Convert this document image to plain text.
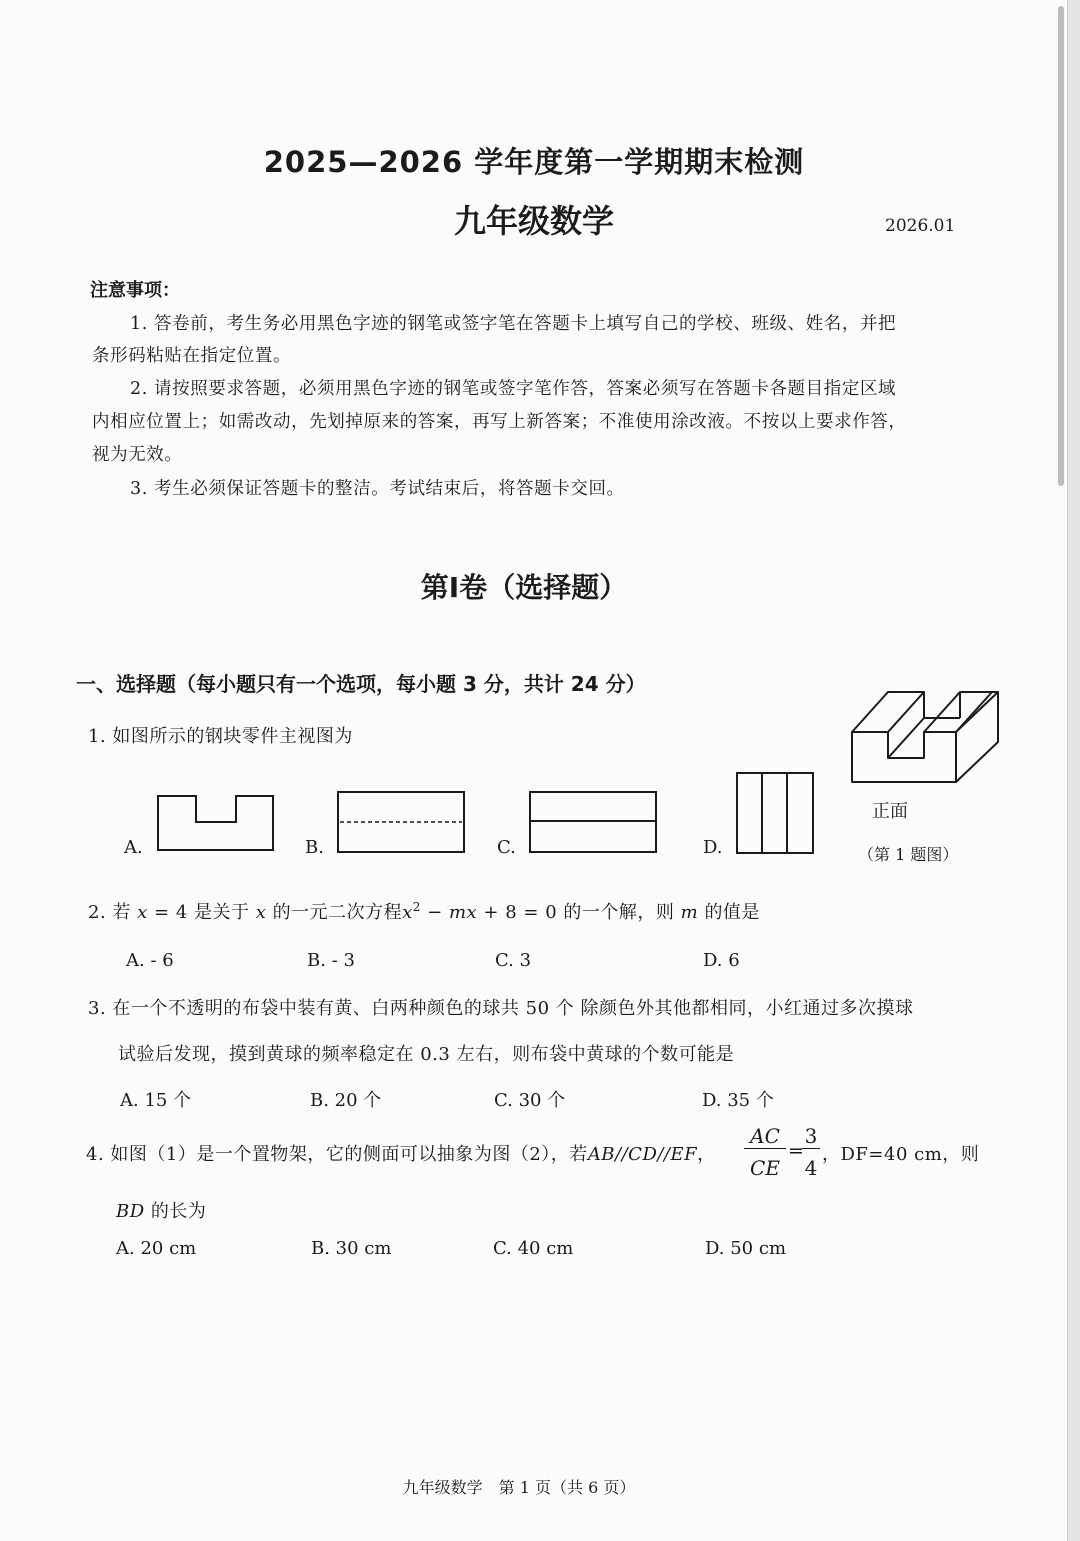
2025—2026 学年度第一学期期末检测
九年级数学	2026.01
注意事项：
1. 答卷前，考生务必用黑色字迹的钢笔或签字笔在答题卡上填写自己的学校、班级、姓名，并把
条形码粘贴在指定位置。
2. 请按照要求答题，必须用黑色字迹的钢笔或签字笔作答，答案必须写在答题卡各题目指定区域
内相应位置上；如需改动，先划掉原来的答案，再写上新答案；不准使用涂改液。不按以上要求作答，
视为无效。
3. 考生必须保证答题卡的整洁。考试结束后，将答题卡交回。
第Ⅰ卷（选择题）
一、选择题（每小题只有一个选项，每小题 3 分，共计 24 分）
1. 如图所示的钢块零件主视图为
A.	B.	C.	D.
正面
（第 1 题图）
2. 若 x = 4 是关于 x 的一元二次方程$x^2$ − mx + 8 = 0 的一个解，则 m 的值是
A. - 6	B. - 3	C. 3	D. 6
3. 在一个不透明的布袋中装有黄、白两种颜色的球共 50 个 除颜色外其他都相同，小红通过多次摸球
试验后发现，摸到黄球的频率稳定在 0.3 左右，则布袋中黄球的个数可能是
A. 15 个	B. 20 个	C. 30 个	D. 35 个
4. 如图（1）是一个置物架，它的侧面可以抽象为图（2），若AB//CD//EF，
AC
CE
=
3
4
，DF=40 cm，则
BD 的长为
A. 20 cm	B. 30 cm	C. 40 cm	D. 50 cm
九年级数学　第 1 页（共 6 页）
